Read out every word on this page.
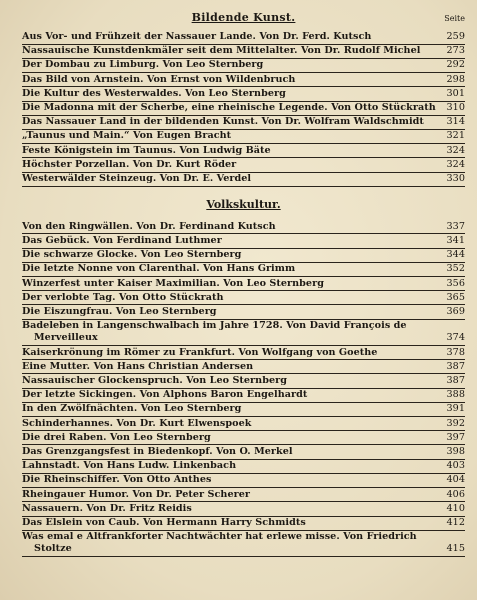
Bildende Kunst.	Seite
Aus Vor- und Frühzeit der Nassauer Lande. Von Dr. Ferd. Kutsch	259
Nassauische Kunstdenkmäler seit dem Mittelalter. Von Dr. Rudolf Michel	273
Der Dombau zu Limburg. Von Leo Sternberg	292
Das Bild von Arnstein. Von Ernst von Wildenbruch	298
Die Kultur des Westerwaldes. Von Leo Sternberg	301
Die Madonna mit der Scherbe, eine rheinische Legende. Von Otto Stückrath	310
Das Nassauer Land in der bildenden Kunst. Von Dr. Wolfram Waldschmidt	314
„Taunus und Main.“ Von Eugen Bracht	321
Feste Königstein im Taunus. Von Ludwig Bäte	324
Höchster Porzellan. Von Dr. Kurt Röder	324
Westerwälder Steinzeug. Von Dr. E. Verdel	330
Volkskultur.
Von den Ringwällen. Von Dr. Ferdinand Kutsch	337
Das Gebück. Von Ferdinand Luthmer	341
Die schwarze Glocke. Von Leo Sternberg	344
Die letzte Nonne von Clarenthal. Von Hans Grimm	352
Winzerfest unter Kaiser Maximilian. Von Leo Sternberg	356
Der verlobte Tag. Von Otto Stückrath	365
Die Eiszungfrau. Von Leo Sternberg	369
Badeleben in Langenschwalbach im Jahre 1728. Von David François de Merveilleux	374
Kaiserkrönung im Römer zu Frankfurt. Von Wolfgang von Goethe	378
Eine Mutter. Von Hans Christian Andersen	387
Nassauischer Glockenspruch. Von Leo Sternberg	387
Der letzte Sickingen. Von Alphons Baron Engelhardt	388
In den Zwölfnächten. Von Leo Sternberg	391
Schinderhannes. Von Dr. Kurt Elwenspoek	392
Die drei Raben. Von Leo Sternberg	397
Das Grenzgangsfest in Biedenkopf. Von O. Merkel	398
Lahnstadt. Von Hans Ludw. Linkenbach	403
Die Rheinschiffer. Von Otto Anthes	404
Rheingauer Humor. Von Dr. Peter Scherer	406
Nassauern. Von Dr. Fritz Reidis	410
Das Elslein von Caub. Von Hermann Harry Schmidts	412
Was emal e Altfrankforter Nachtwächter hat erlewe misse. Von Friedrich Stoltze	415
